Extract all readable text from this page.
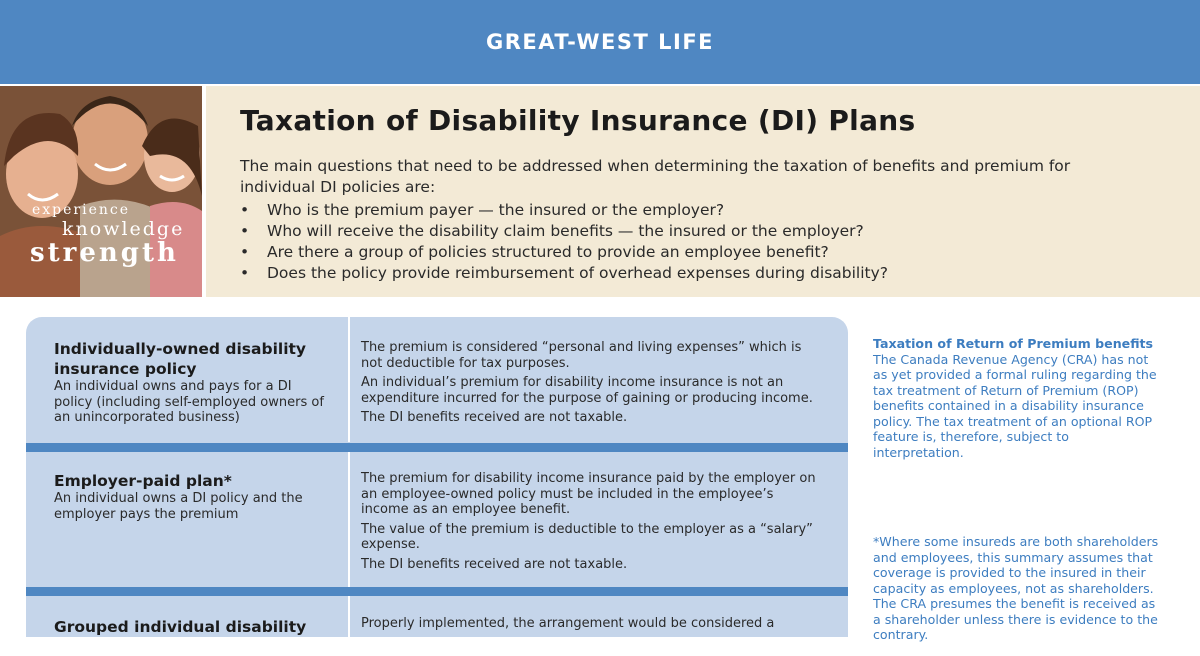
GREAT-WEST LIFE
experience
knowledge
strength
Taxation of Disability Insurance (DI) Plans

The main questions that need to be addressed when determining the taxation of benefits and premium for individual DI policies are:

• Who is the premium payer — the insured or the employer?
• Who will receive the disability claim benefits — the insured or the employer?
• Are there a group of policies structured to provide an employee benefit?
• Does the policy provide reimbursement of overhead expenses during disability?
Individually-owned disability insurance policy
An individual owns and pays for a DI policy (including self-employed owners of an unincorporated business)

The premium is considered “personal and living expenses” which is not deductible for tax purposes.

An individual’s premium for disability income insurance is not an expenditure incurred for the purpose of gaining or producing income.

The DI benefits received are not taxable.

Employer-paid plan*
An individual owns a DI policy and the employer pays the premium

The premium for disability income insurance paid by the employer on an employee-owned policy must be included in the employee’s income as an employee benefit.

The value of the premium is deductible to the employer as a “salary” expense.

The DI benefits received are not taxable.

Grouped individual disability	Properly implemented, the arrangement would be considered a

Taxation of Return of Premium benefits
The Canada Revenue Agency (CRA) has not as yet provided a formal ruling regarding the tax treatment of Return of Premium (ROP) benefits contained in a disability insurance policy. The tax treatment of an optional ROP feature is, therefore, subject to interpretation.
*Where some insureds are both shareholders and employees, this summary assumes that coverage is provided to the insured in their capacity as employees, not as shareholders. The CRA presumes the benefit is received as a shareholder unless there is evidence to the contrary.
